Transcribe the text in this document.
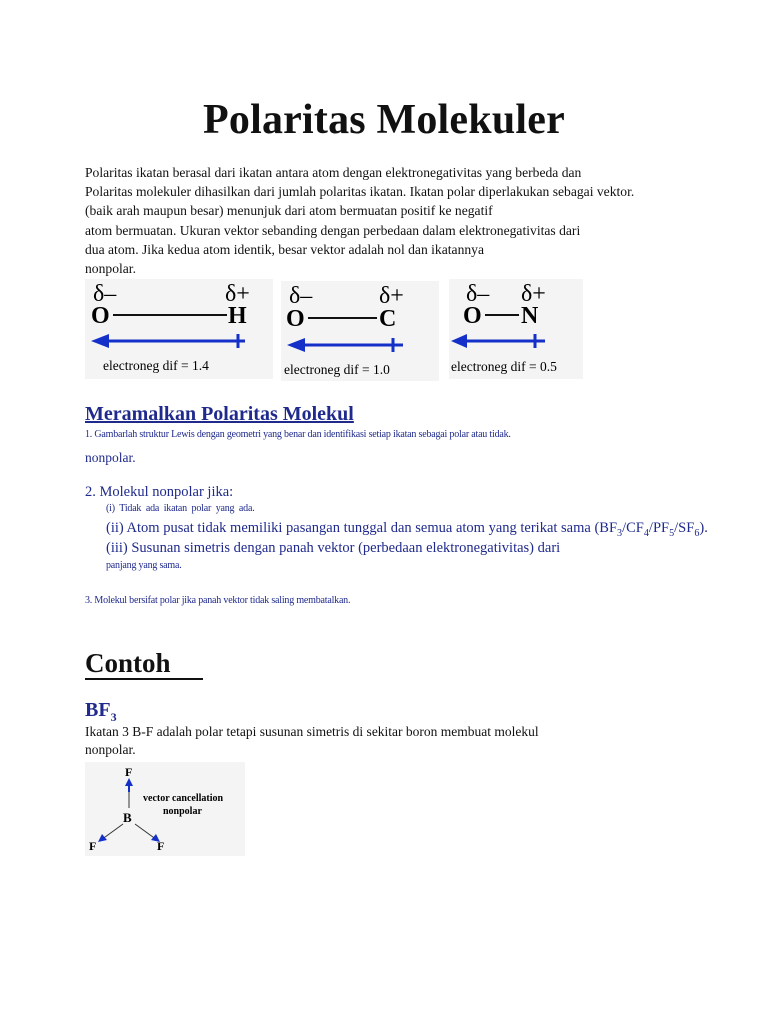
Polaritas Molekuler
Polaritas ikatan berasal dari ikatan antara atom dengan elektronegativitas yang berbeda dan
Polaritas molekuler dihasilkan dari jumlah polaritas ikatan. Ikatan polar diperlakukan sebagai vektor.
(baik arah maupun besar) menunjuk dari atom bermuatan positif ke negatif
atom bermuatan. Ukuran vektor sebanding dengan perbedaan dalam elektronegativitas dari
dua atom. Jika kedua atom identik, besar vektor adalah nol dan ikatannya
nonpolar.
δ–	δ+
O	H
electroneg dif = 1.4
δ–	δ+
O	C
electroneg dif = 1.0
δ– δ+
O N
electroneg dif = 0.5
Meramalkan Polaritas Molekul
1. Gambarlah struktur Lewis dengan geometri yang benar dan identifikasi setiap ikatan sebagai polar atau tidak.
nonpolar.
2. Molekul nonpolar jika:
(i)  Tidak  ada  ikatan  polar  yang  ada.
(ii) Atom pusat tidak memiliki pasangan tunggal dan semua atom yang terikat sama $(BF_3/CF_4/PF_5/SF_6)$.
(iii) Susunan simetris dengan panah vektor (perbedaan elektronegativitas) dari
panjang yang sama.
3. Molekul bersifat polar jika panah vektor tidak saling membatalkan.
Contoh
$BF_3$
Ikatan 3 B-F adalah polar tetapi susunan simetris di sekitar boron membuat molekul
nonpolar.
F
B
F	F
vector cancellation
nonpolar
